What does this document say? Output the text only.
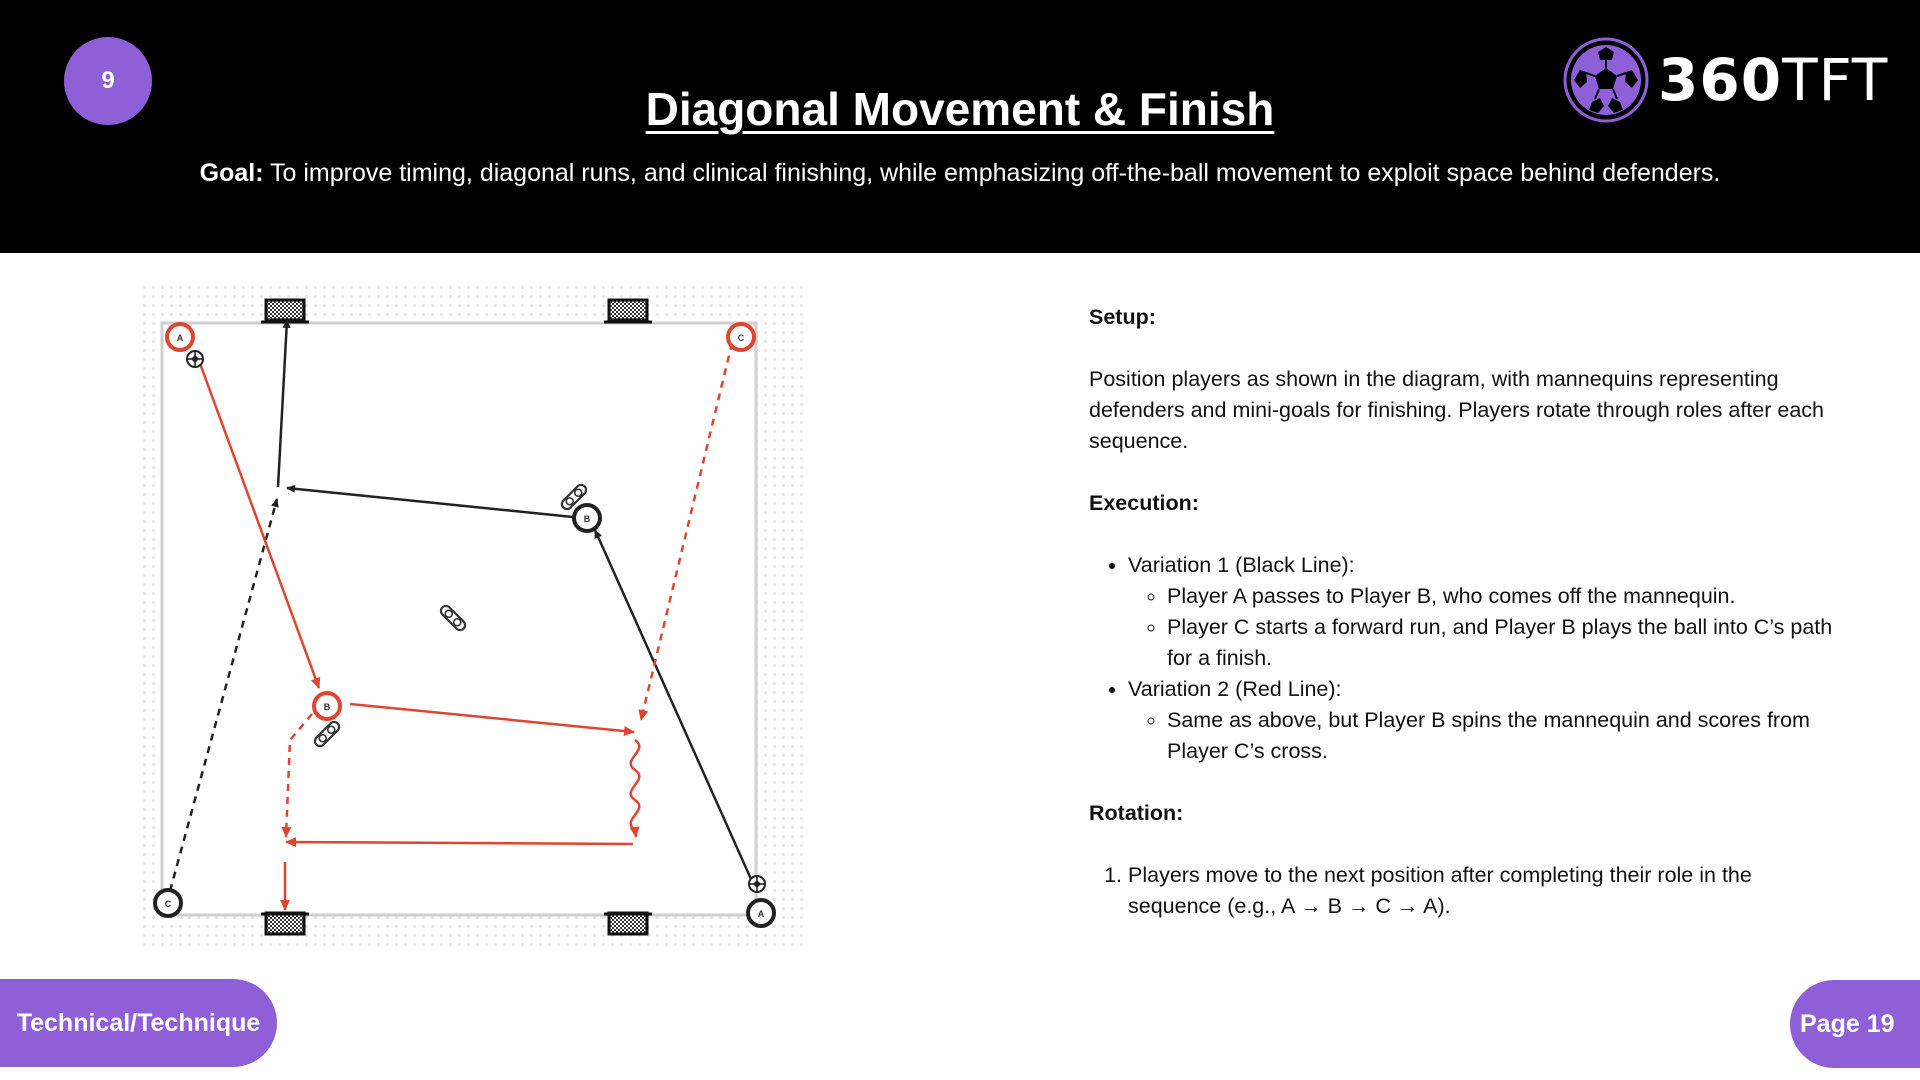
9
Diagonal Movement & Finish
Goal: To improve timing, diagonal runs, and clinical finishing, while emphasizing off-the-ball movement to exploit space behind defenders.
360TFT
A	C
B
B
C
A
Setup:

Position players as shown in the diagram, with mannequins representing defenders and mini-goals for finishing. Players rotate through roles after each sequence.

Execution:
• Variation 1 (Black Line):
◦ Player A passes to Player B, who comes off the mannequin.
◦ Player C starts a forward run, and Player B plays the ball into C’s path for a finish.
• Variation 2 (Red Line):
◦ Same as above, but Player B spins the mannequin and scores from Player C’s cross.
Rotation:
1. Players move to the next position after completing their role in the sequence (e.g., A → B → C → A).
Technical/Technique	Page 19
